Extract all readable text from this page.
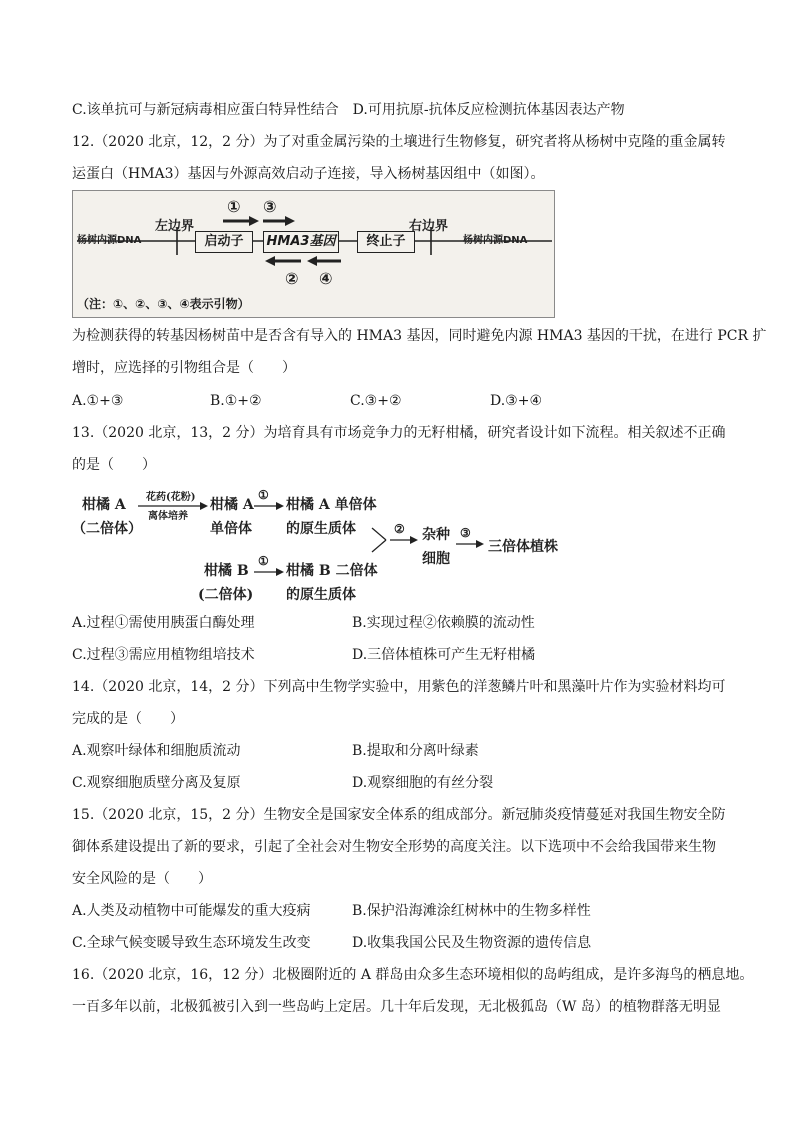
C.该单抗可与新冠病毒相应蛋白特异性结合 D.可用抗原-抗体反应检测抗体基因表达产物
12.（2020 北京，12，2 分）为了对重金属污染的土壤进行生物修复，研究者将从杨树中克隆的重金属转
运蛋白（HMA3）基因与外源高效启动子连接，导入杨树基因组中（如图）。
杨树内源DNA
左边界
① ③
启动子	HMA3基因	终止子
右边界
杨树内源DNA
② ④
（注：①、②、③、④表示引物）
为检测获得的转基因杨树苗中是否含有导入的 HMA3 基因，同时避免内源 HMA3 基因的干扰，在进行 PCR 扩
增时，应选择的引物组合是（　　）
A.①+③	B.①+②	C.③+②	D.③+④
13.（2020 北京，13，2 分）为培育具有市场竞争力的无籽柑橘，研究者设计如下流程。相关叙述不正确
的是（　　）
柑橘 A
（二倍体）
花药(花粉)
离体培养
柑橘 A
单倍体
①
柑橘 A 单倍体
的原生质体
柑橘 B
(二倍体)
①
柑橘 B 二倍体
的原生质体
② 杂种
细胞
③
三倍体植株
A.过程①需使用胰蛋白酶处理	B.实现过程②依赖膜的流动性
C.过程③需应用植物组培技术	D.三倍体植株可产生无籽柑橘
14.（2020 北京，14，2 分）下列高中生物学实验中，用紫色的洋葱鳞片叶和黑藻叶片作为实验材料均可
完成的是（　　）
A.观察叶绿体和细胞质流动	B.提取和分离叶绿素
C.观察细胞质壁分离及复原	D.观察细胞的有丝分裂
15.（2020 北京，15，2 分）生物安全是国家安全体系的组成部分。新冠肺炎疫情蔓延对我国生物安全防
御体系建设提出了新的要求，引起了全社会对生物安全形势的高度关注。以下选项中不会给我国带来生物
安全风险的是（　　）
A.人类及动植物中可能爆发的重大疫病	B.保护沿海滩涂红树林中的生物多样性
C.全球气候变暖导致生态环境发生改变	D.收集我国公民及生物资源的遗传信息
16.（2020 北京，16，12 分）北极圈附近的 A 群岛由众多生态环境相似的岛屿组成，是许多海鸟的栖息地。
一百多年以前，北极狐被引入到一些岛屿上定居。几十年后发现，无北极狐岛（W 岛）的植物群落无明显
